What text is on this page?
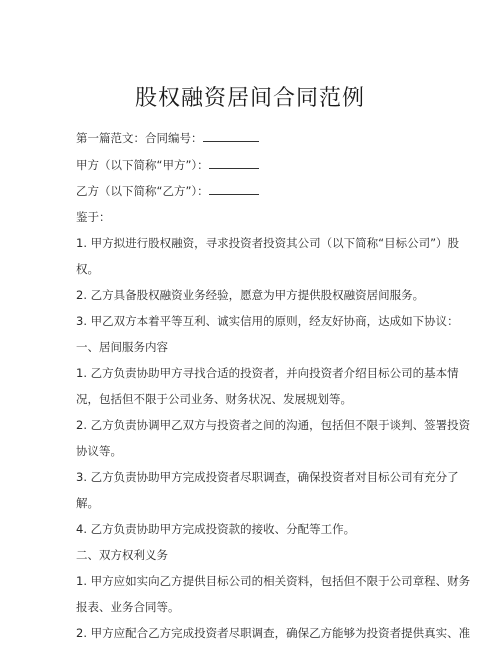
股权融资居间合同范例
第一篇范文：合同编号：
甲方（以下简称“甲方”）：
乙方（以下简称“乙方”）：
鉴于：
1. 甲方拟进行股权融资，寻求投资者投资其公司（以下简称“目标公司”）股
权。
2. 乙方具备股权融资业务经验，愿意为甲方提供股权融资居间服务。
3. 甲乙双方本着平等互利、诚实信用的原则，经友好协商，达成如下协议：
一、居间服务内容
1. 乙方负责协助甲方寻找合适的投资者，并向投资者介绍目标公司的基本情
况，包括但不限于公司业务、财务状况、发展规划等。
2. 乙方负责协调甲乙双方与投资者之间的沟通，包括但不限于谈判、签署投资
协议等。
3. 乙方负责协助甲方完成投资者尽职调查，确保投资者对目标公司有充分了
解。
4. 乙方负责协助甲方完成投资款的接收、分配等工作。
二、双方权利义务
1. 甲方应如实向乙方提供目标公司的相关资料，包括但不限于公司章程、财务
报表、业务合同等。
2. 甲方应配合乙方完成投资者尽职调查，确保乙方能够为投资者提供真实、准
